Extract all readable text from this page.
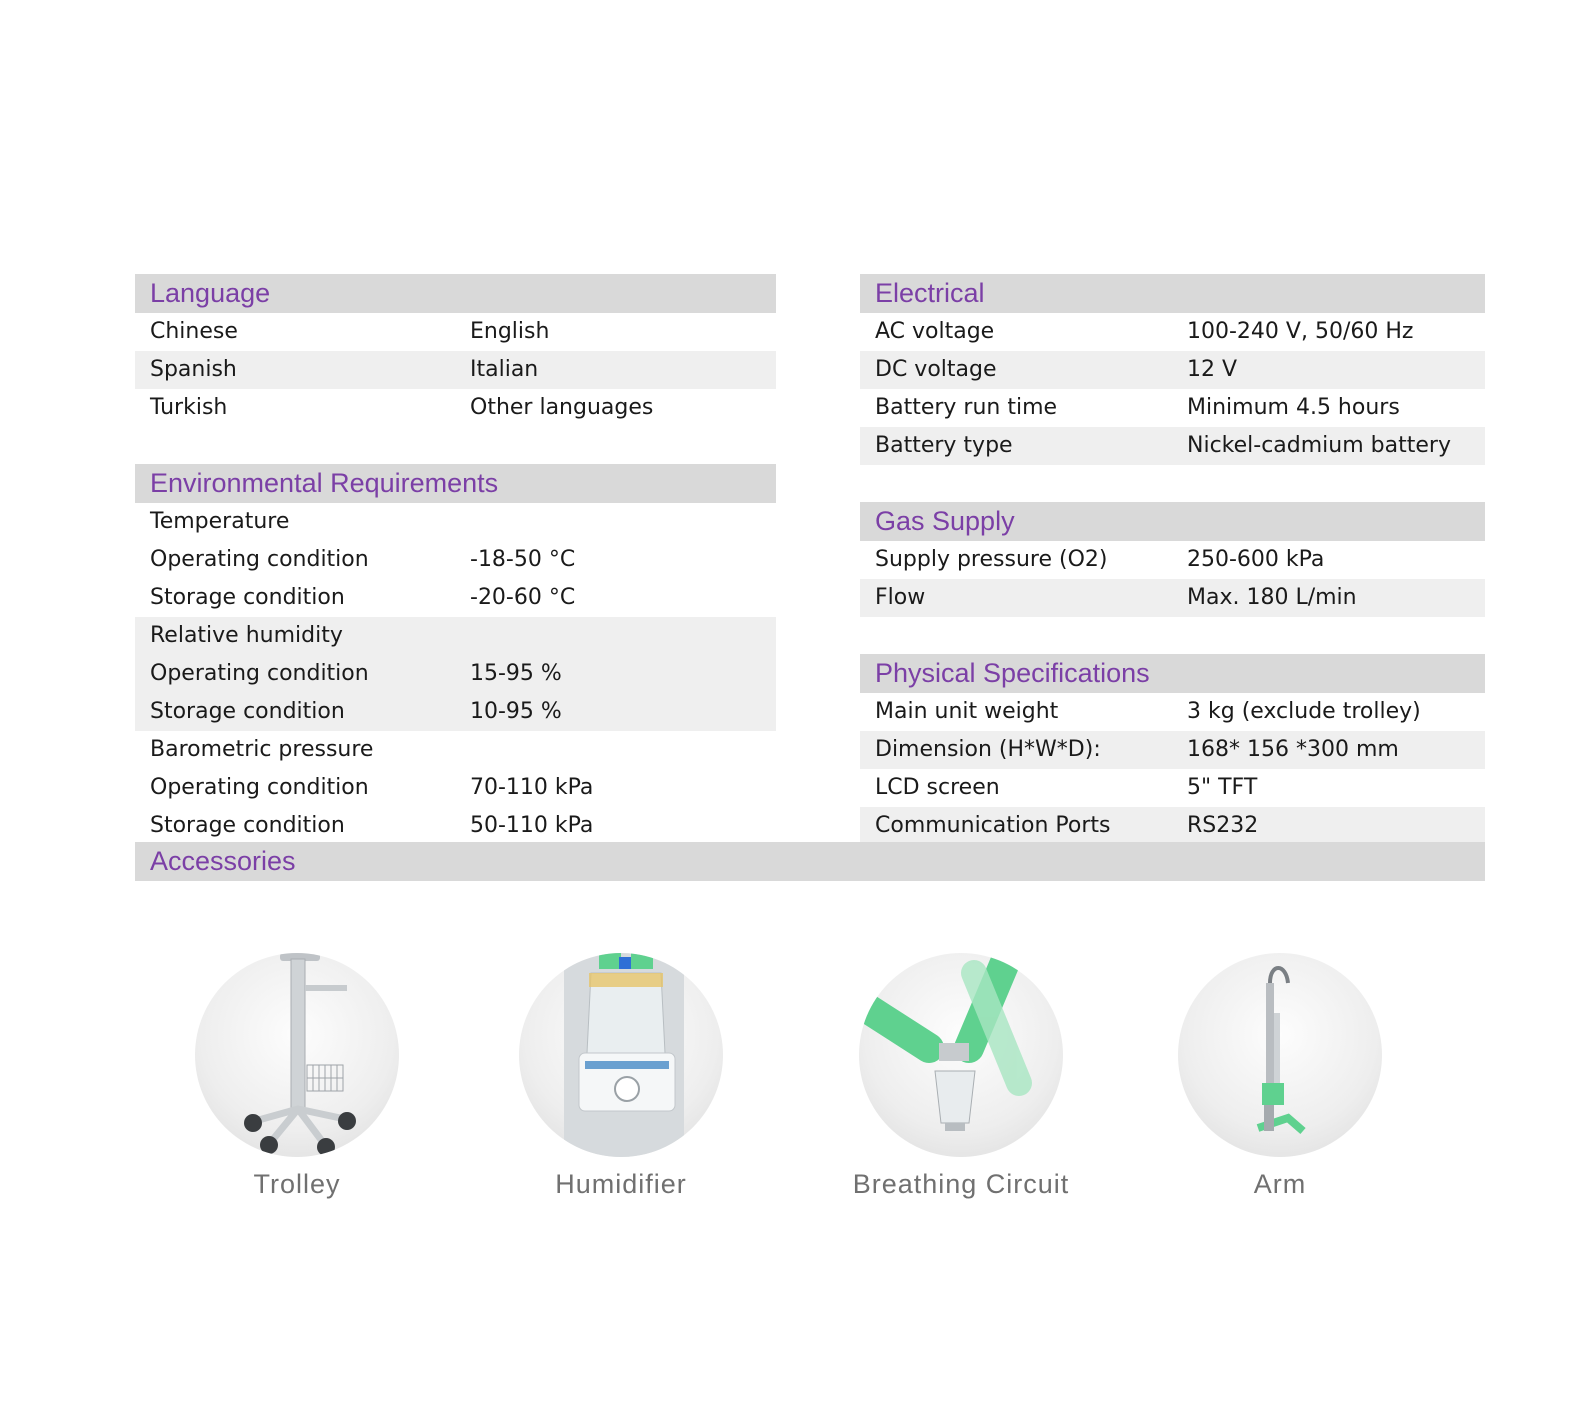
Language
Chinese	English
Spanish	Italian
Turkish	Other languages
Environmental Requirements
Temperature
Operating condition	-18-50 °C
Storage condition	-20-60 °C
Relative humidity
Operating condition	15-95 %
Storage condition	10-95 %
Barometric pressure
Operating condition	70-110 kPa
Storage condition	50-110 kPa
Electrical
AC voltage	100-240 V, 50/60 Hz
DC voltage	12 V
Battery run time	Minimum 4.5 hours
Battery type	Nickel-cadmium battery
Gas Supply
Supply pressure (O2)	250-600 kPa
Flow	Max. 180 L/min
Physical Specifications
Main unit weight	3 kg (exclude trolley)
Dimension (H*W*D):	168* 156 *300 mm
LCD screen	5" TFT
Communication Ports	RS232
Accessories
Trolley	Humidifier	Breathing Circuit	Arm
